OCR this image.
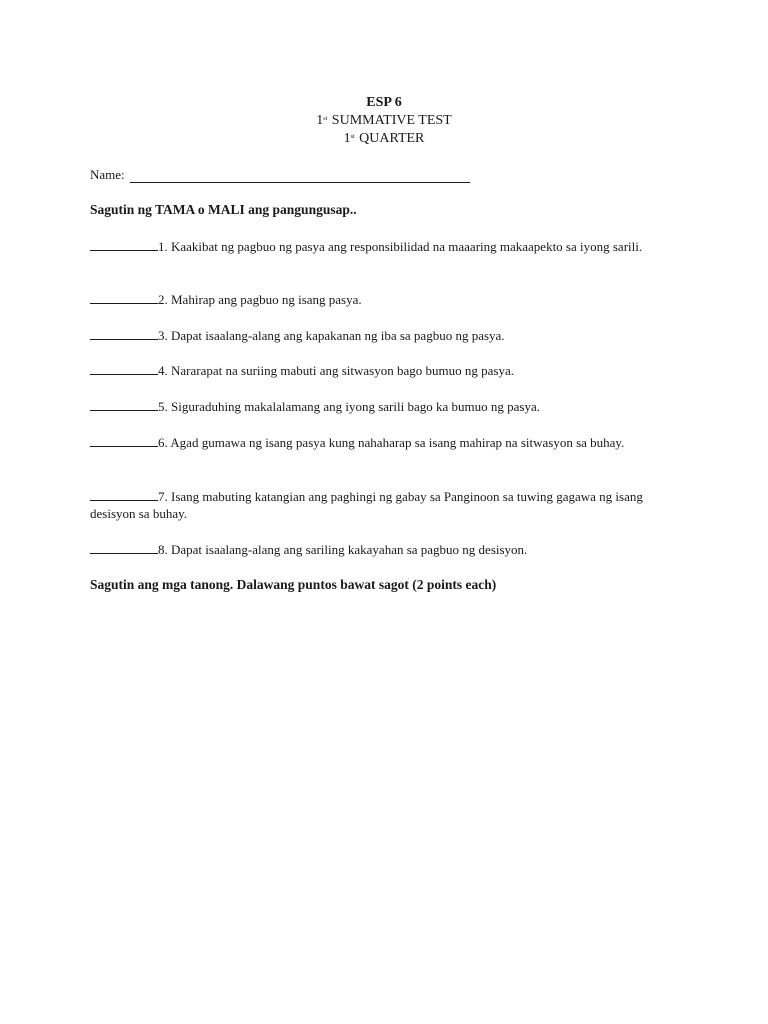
ESP 6
1st SUMMATIVE TEST
1st QUARTER
Name:
Sagutin ng TAMA o MALI ang pangungusap..
1. Kaakibat ng pagbuo ng pasya ang responsibilidad na maaaring makaapekto sa iyong sarili.
2. Mahirap ang pagbuo ng isang pasya.
3. Dapat isaalang-alang ang kapakanan ng iba sa pagbuo ng pasya.
4. Nararapat na suriing mabuti ang sitwasyon bago bumuo ng pasya.
5. Siguraduhing makalalamang ang iyong sarili bago ka bumuo ng pasya.
6. Agad gumawa ng isang pasya kung nahaharap sa isang mahirap na sitwasyon sa buhay.
7. Isang mabuting katangian ang paghingi ng gabay sa Panginoon sa tuwing gagawa ng isang desisyon sa buhay.
8. Dapat isaalang-alang ang sariling kakayahan sa pagbuo ng desisyon.
Sagutin ang mga tanong. Dalawang puntos bawat sagot (2 points each)
